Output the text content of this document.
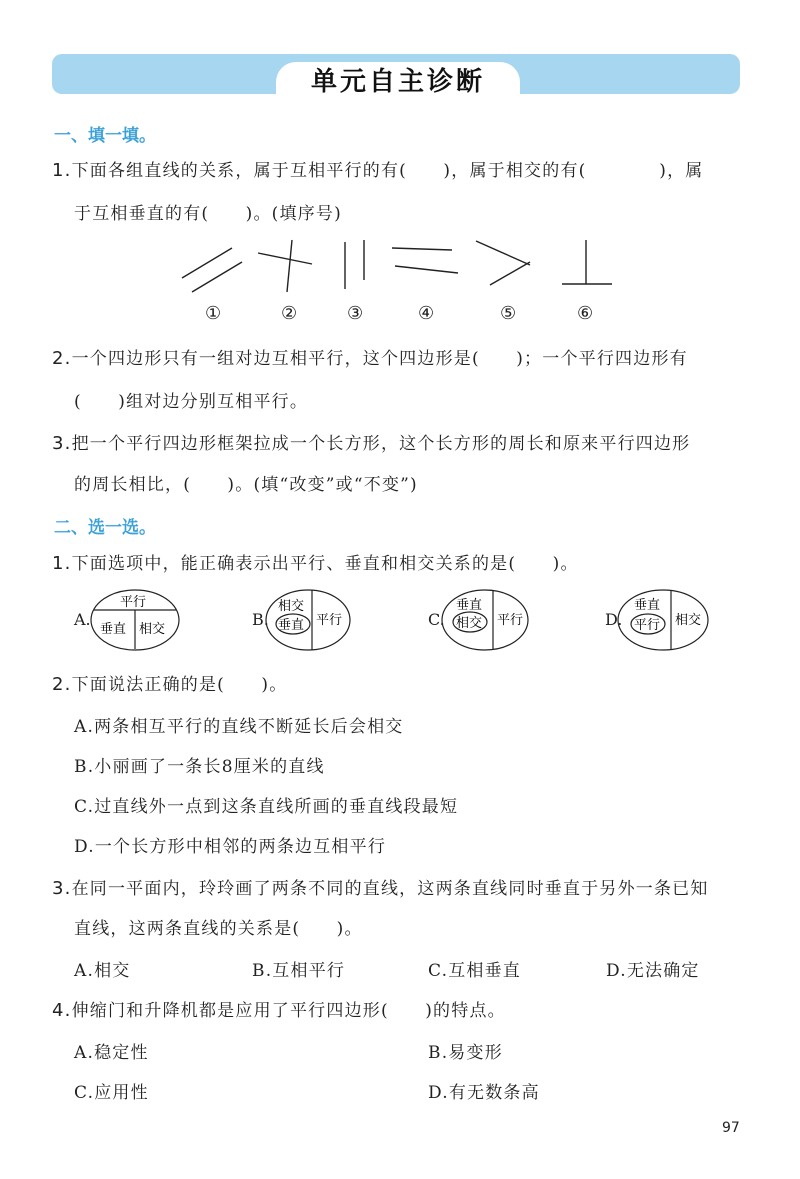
单元自主诊断
一、填一填。
1.下面各组直线的关系，属于互相平行的有(　　)，属于相交的有(　　　　)，属
于互相垂直的有(　　)。(填序号)
①	②	③	④	⑤	⑥
2.一个四边形只有一组对边互相平行，这个四边形是(　　)；一个平行四边形有
(　　)组对边分别互相平行。
3.把一个平行四边形框架拉成一个长方形，这个长方形的周长和原来平行四边形
的周长相比，(　　)。(填“改变”或“不变”)
二、选一选。
1.下面选项中，能正确表示出平行、垂直和相交关系的是(　　)。
A.
平行
垂直 相交
B.
相交
垂直 平行	C.
垂直
相交 平行	D.
垂直
平行 相交
2.下面说法正确的是(　　)。
A.两条相互平行的直线不断延长后会相交
B.小丽画了一条长8厘米的直线
C.过直线外一点到这条直线所画的垂直线段最短
D.一个长方形中相邻的两条边互相平行
3.在同一平面内，玲玲画了两条不同的直线，这两条直线同时垂直于另外一条已知
直线，这两条直线的关系是(　　)。
A.相交	B.互相平行	C.互相垂直	D.无法确定
4.伸缩门和升降机都是应用了平行四边形(　　)的特点。
A.稳定性	B.易变形
C.应用性	D.有无数条高
97
